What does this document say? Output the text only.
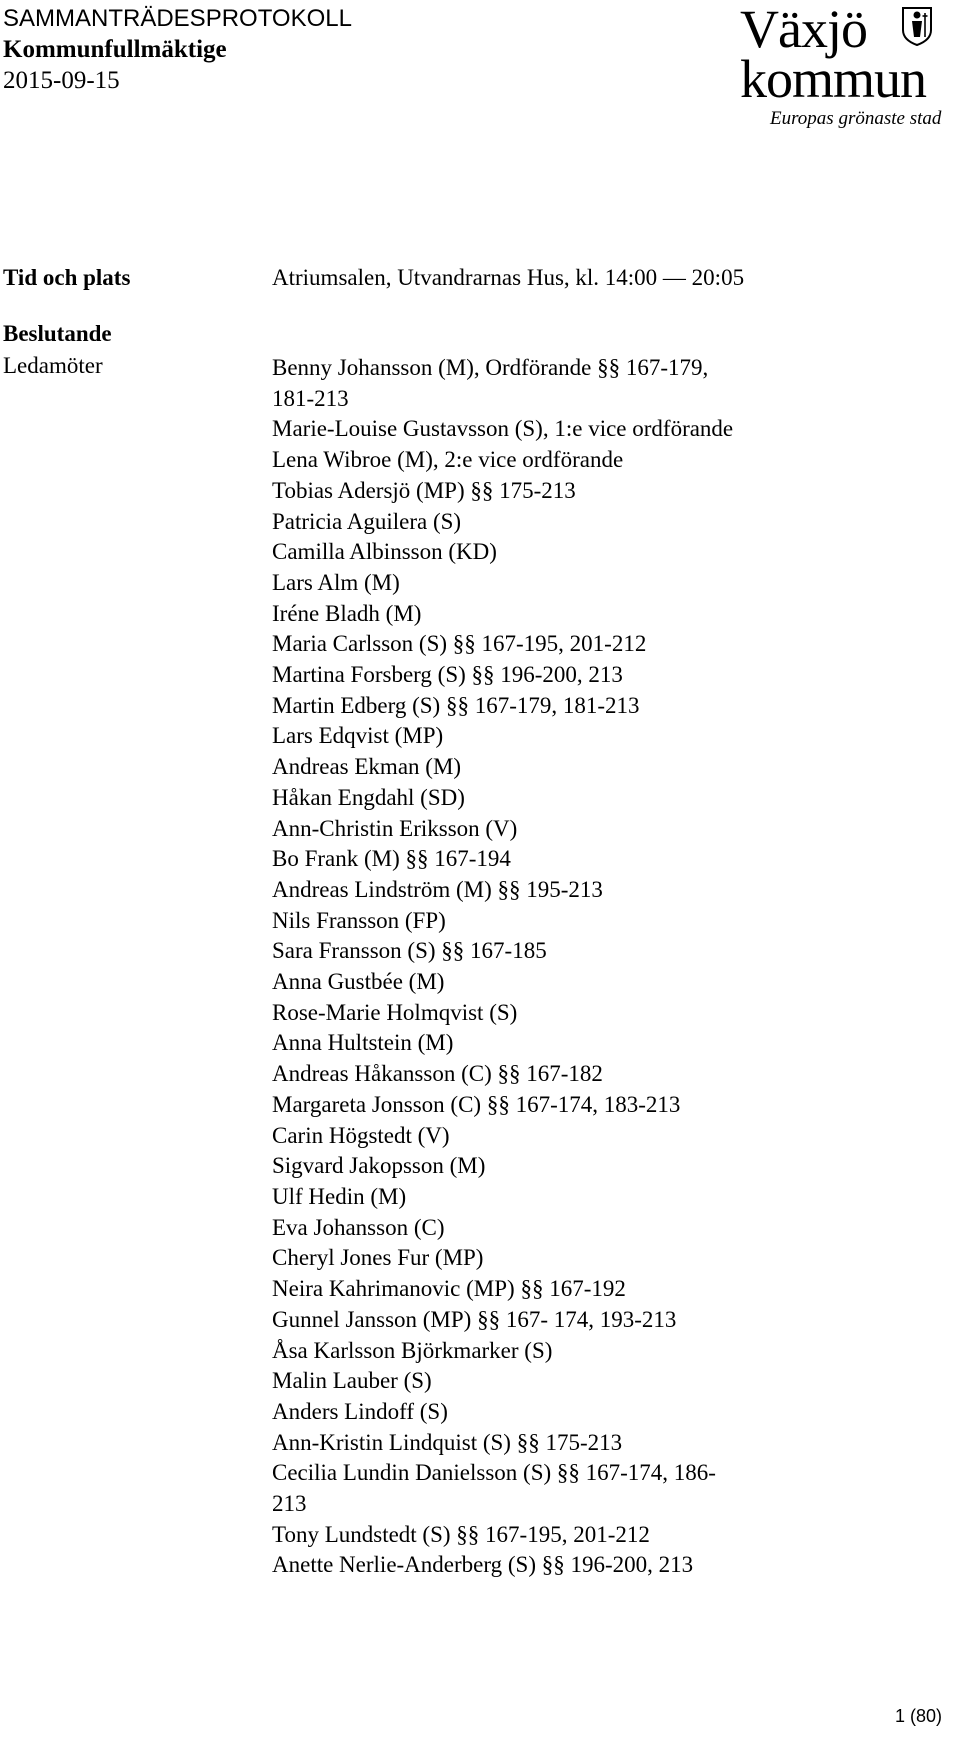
SAMMANTRÄDESPROTOKOLL
Kommunfullmäktige
2015-09-15
Växjö
kommun
Europas grönaste stad
Tid och plats	Atriumsalen, Utvandrarnas Hus, kl. 14:00 — 20:05
Beslutande
Ledamöter	Benny Johansson (M), Ordförande §§ 167-179,
181-213
Marie-Louise Gustavsson (S), 1:e vice ordförande
Lena Wibroe (M), 2:e vice ordförande
Tobias Adersjö (MP) §§ 175-213
Patricia Aguilera (S)
Camilla Albinsson (KD)
Lars Alm (M)
Iréne Bladh (M)
Maria Carlsson (S) §§ 167-195, 201-212
Martina Forsberg (S) §§ 196-200, 213
Martin Edberg (S) §§ 167-179, 181-213
Lars Edqvist (MP)
Andreas Ekman (M)
Håkan Engdahl (SD)
Ann-Christin Eriksson (V)
Bo Frank (M) §§ 167-194
Andreas Lindström (M) §§ 195-213
Nils Fransson (FP)
Sara Fransson (S) §§ 167-185
Anna Gustbée (M)
Rose-Marie Holmqvist (S)
Anna Hultstein (M)
Andreas Håkansson (C) §§ 167-182
Margareta Jonsson (C) §§ 167-174, 183-213
Carin Högstedt (V)
Sigvard Jakopsson (M)
Ulf Hedin (M)
Eva Johansson (C)
Cheryl Jones Fur (MP)
Neira Kahrimanovic (MP) §§ 167-192
Gunnel Jansson (MP) §§ 167- 174, 193-213
Åsa Karlsson Björkmarker (S)
Malin Lauber (S)
Anders Lindoff (S)
Ann-Kristin Lindquist (S) §§ 175-213
Cecilia Lundin Danielsson (S) §§ 167-174, 186-
213
Tony Lundstedt (S) §§ 167-195, 201-212
Anette Nerlie-Anderberg (S) §§ 196-200, 213
1 (80)
